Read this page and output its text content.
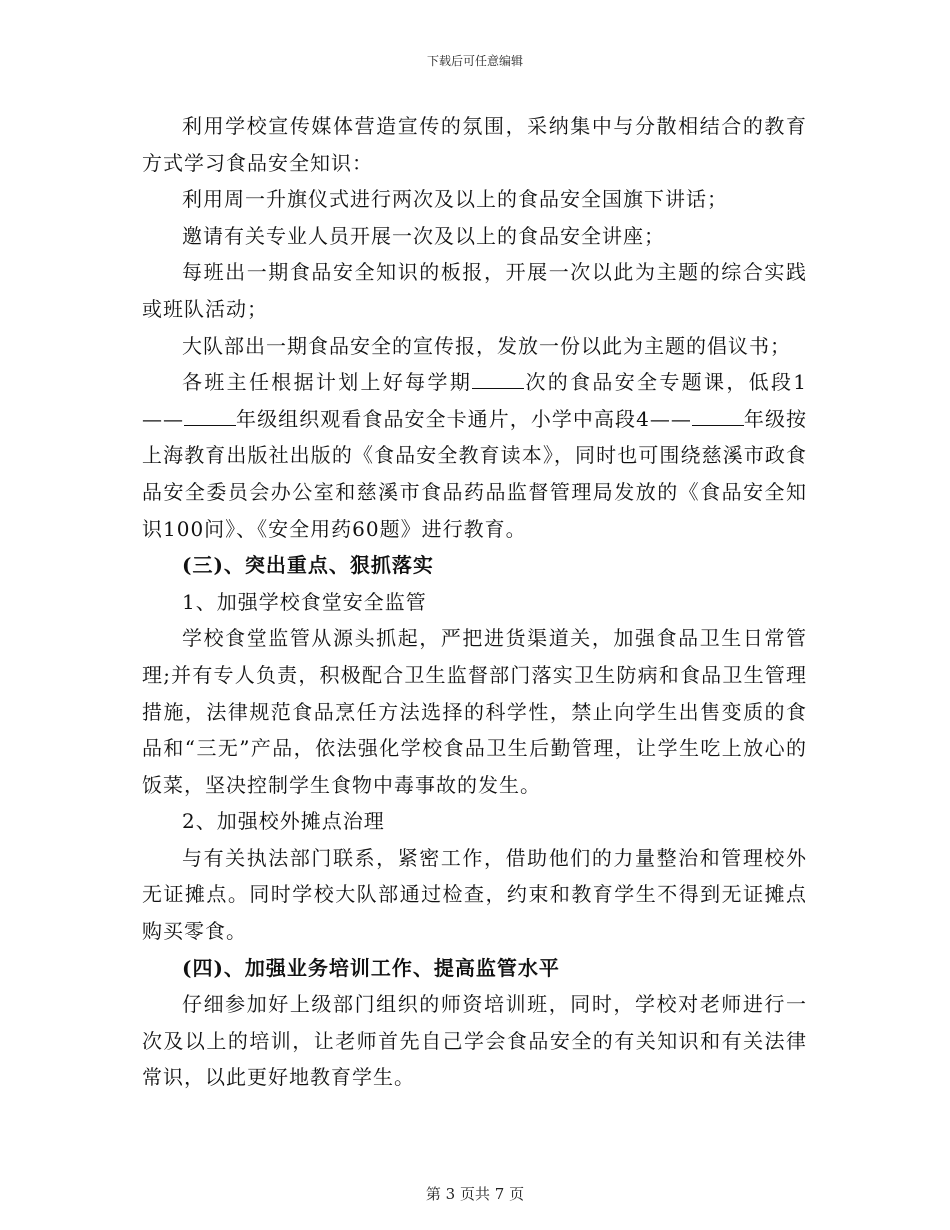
下载后可任意编辑

利用学校宣传媒体营造宣传的氛围，采纳集中与分散相结合的教育方式学习食品安全知识：

利用周一升旗仪式进行两次及以上的食品安全国旗下讲话；

邀请有关专业人员开展一次及以上的食品安全讲座；

每班出一期食品安全知识的板报，开展一次以此为主题的综合实践或班队活动；

大队部出一期食品安全的宣传报，发放一份以此为主题的倡议书；

各班主任根据计划上好每学期	次的食品安全专题课，低段1——	年级组织观看食品安全卡通片，小学中高段4——	年级按上海教育出版社出版的《食品安全教育读本》，同时也可围绕慈溪市政食品安全委员会办公室和慈溪市食品药品监督管理局发放的《食品安全知识100问》、《安全用药60题》进行教育。

(三)、突出重点、狠抓落实

1、加强学校食堂安全监管

学校食堂监管从源头抓起，严把进货渠道关，加强食品卫生日常管理;并有专人负责，积极配合卫生监督部门落实卫生防病和食品卫生管理措施，法律规范食品烹任方法选择的科学性，禁止向学生出售变质的食品和“三无”产品，依法强化学校食品卫生后勤管理，让学生吃上放心的饭菜，坚决控制学生食物中毒事故的发生。

2、加强校外摊点治理

与有关执法部门联系，紧密工作，借助他们的力量整治和管理校外无证摊点。同时学校大队部通过检查，约束和教育学生不得到无证摊点购买零食。

(四)、加强业务培训工作、提高监管水平

仔细参加好上级部门组织的师资培训班，同时，学校对老师进行一次及以上的培训，让老师首先自己学会食品安全的有关知识和有关法律常识，以此更好地教育学生。

第 3 页共 7 页
